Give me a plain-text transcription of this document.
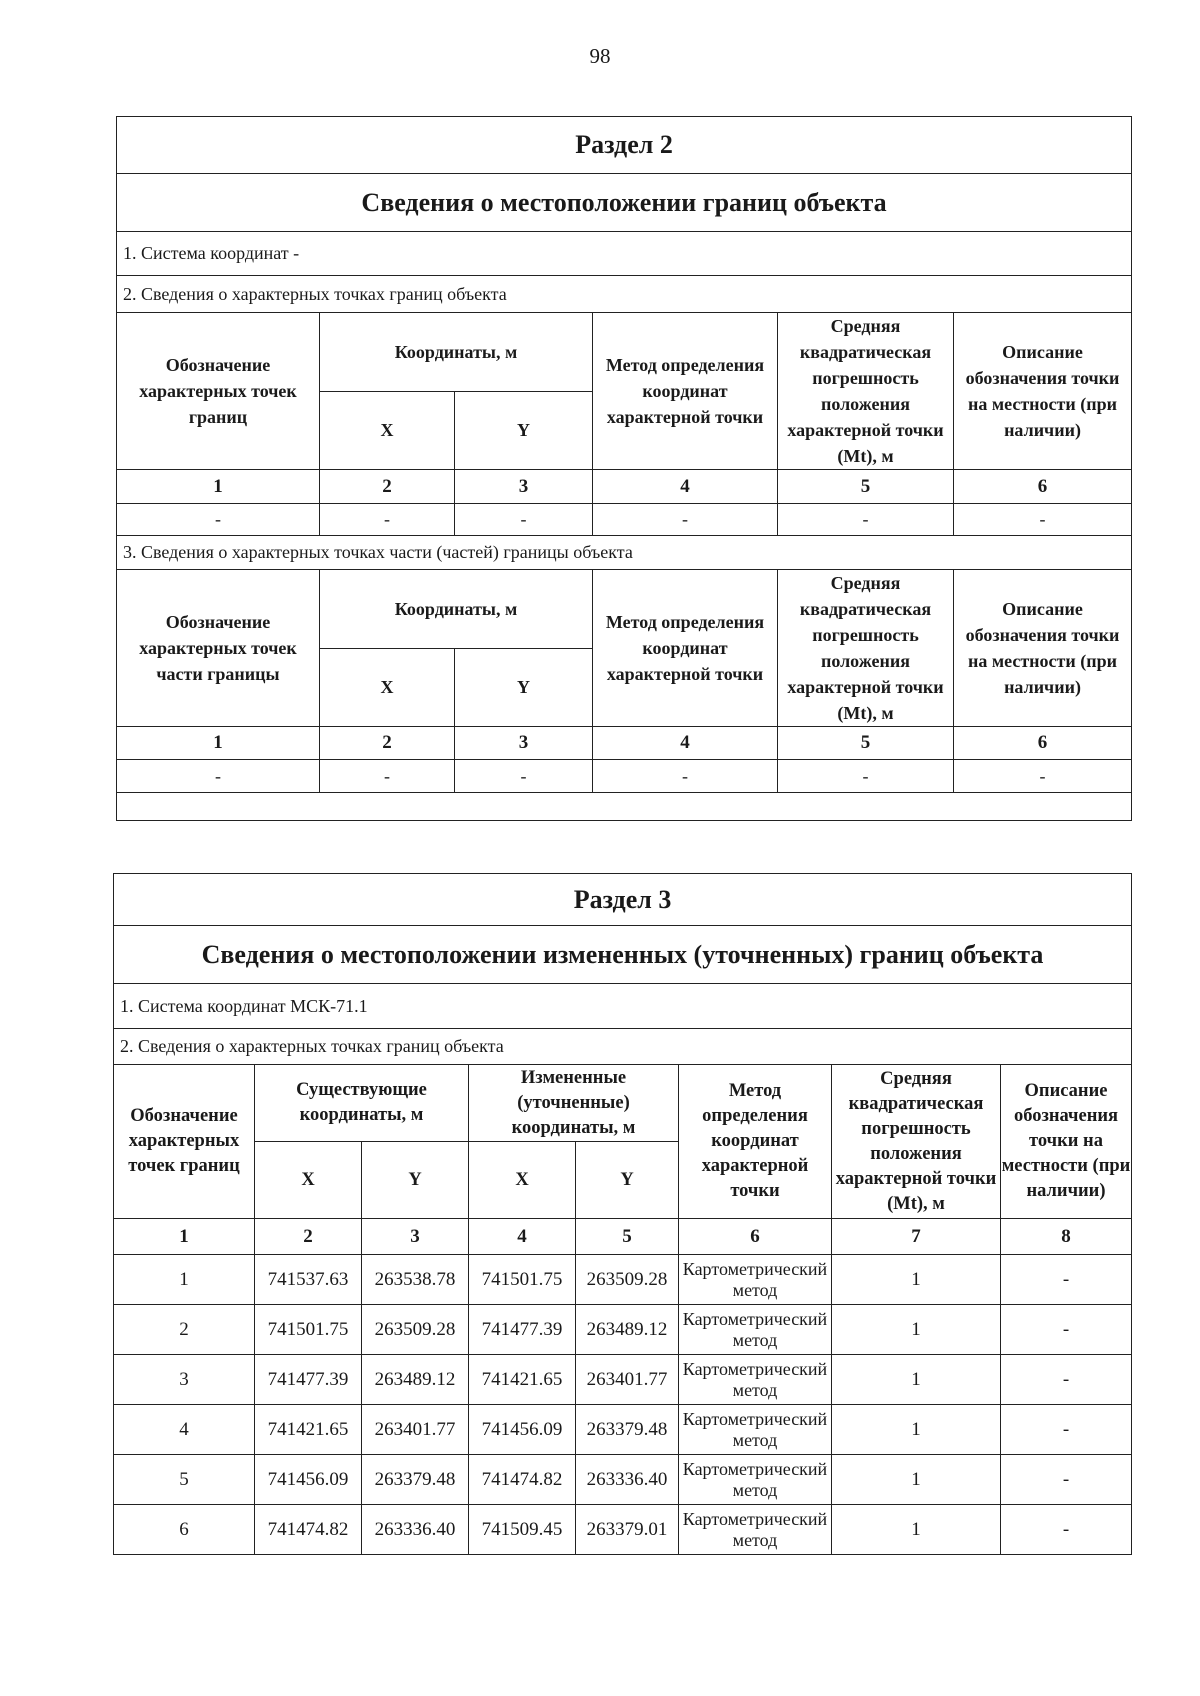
98
Раздел 2					
Сведения о местоположении границ объекта					
1. Система координат -					
2. Сведения о характерных точках границ объекта					
Обозначение характерных точек границ	Координаты, м		Метод определения координат характерной точки	Средняя квадратическая погрешность положения характерной точки (Mt), м	Описание обозначения точки на местности (при наличии)
	X	Y			
1	2	3	4	5	6
-	-	-	-	-	-
3. Сведения о характерных точках части (частей) границы объекта					
Обозначение характерных точек части границы	Координаты, м		Метод определения координат характерной точки	Средняя квадратическая погрешность положения характерной точки (Mt), м	Описание обозначения точки на местности (при наличии)
	X	Y			
1	2	3	4	5	6
-	-	-	-	-	-

Раздел 3							
Сведения о местоположении измененных (уточненных) границ объекта							
1. Система координат МСК-71.1							
2. Сведения о характерных точках границ объекта							
Обозначение характерных точек границ	Существующие координаты, м		Измененные (уточненные) координаты, м		Метод определения координат характерной точки	Средняя квадратическая погрешность положения характерной точки (Mt), м	Описание обозначения точки на местности (при наличии)
	X	Y	X	Y			
1	2	3	4	5	6	7	8
1	741537.63	263538.78	741501.75	263509.28	Картометрический метод	1	-
2	741501.75	263509.28	741477.39	263489.12	Картометрический метод	1	-
3	741477.39	263489.12	741421.65	263401.77	Картометрический метод	1	-
4	741421.65	263401.77	741456.09	263379.48	Картометрический метод	1	-
5	741456.09	263379.48	741474.82	263336.40	Картометрический метод	1	-
6	741474.82	263336.40	741509.45	263379.01	Картометрический метод	1	-
